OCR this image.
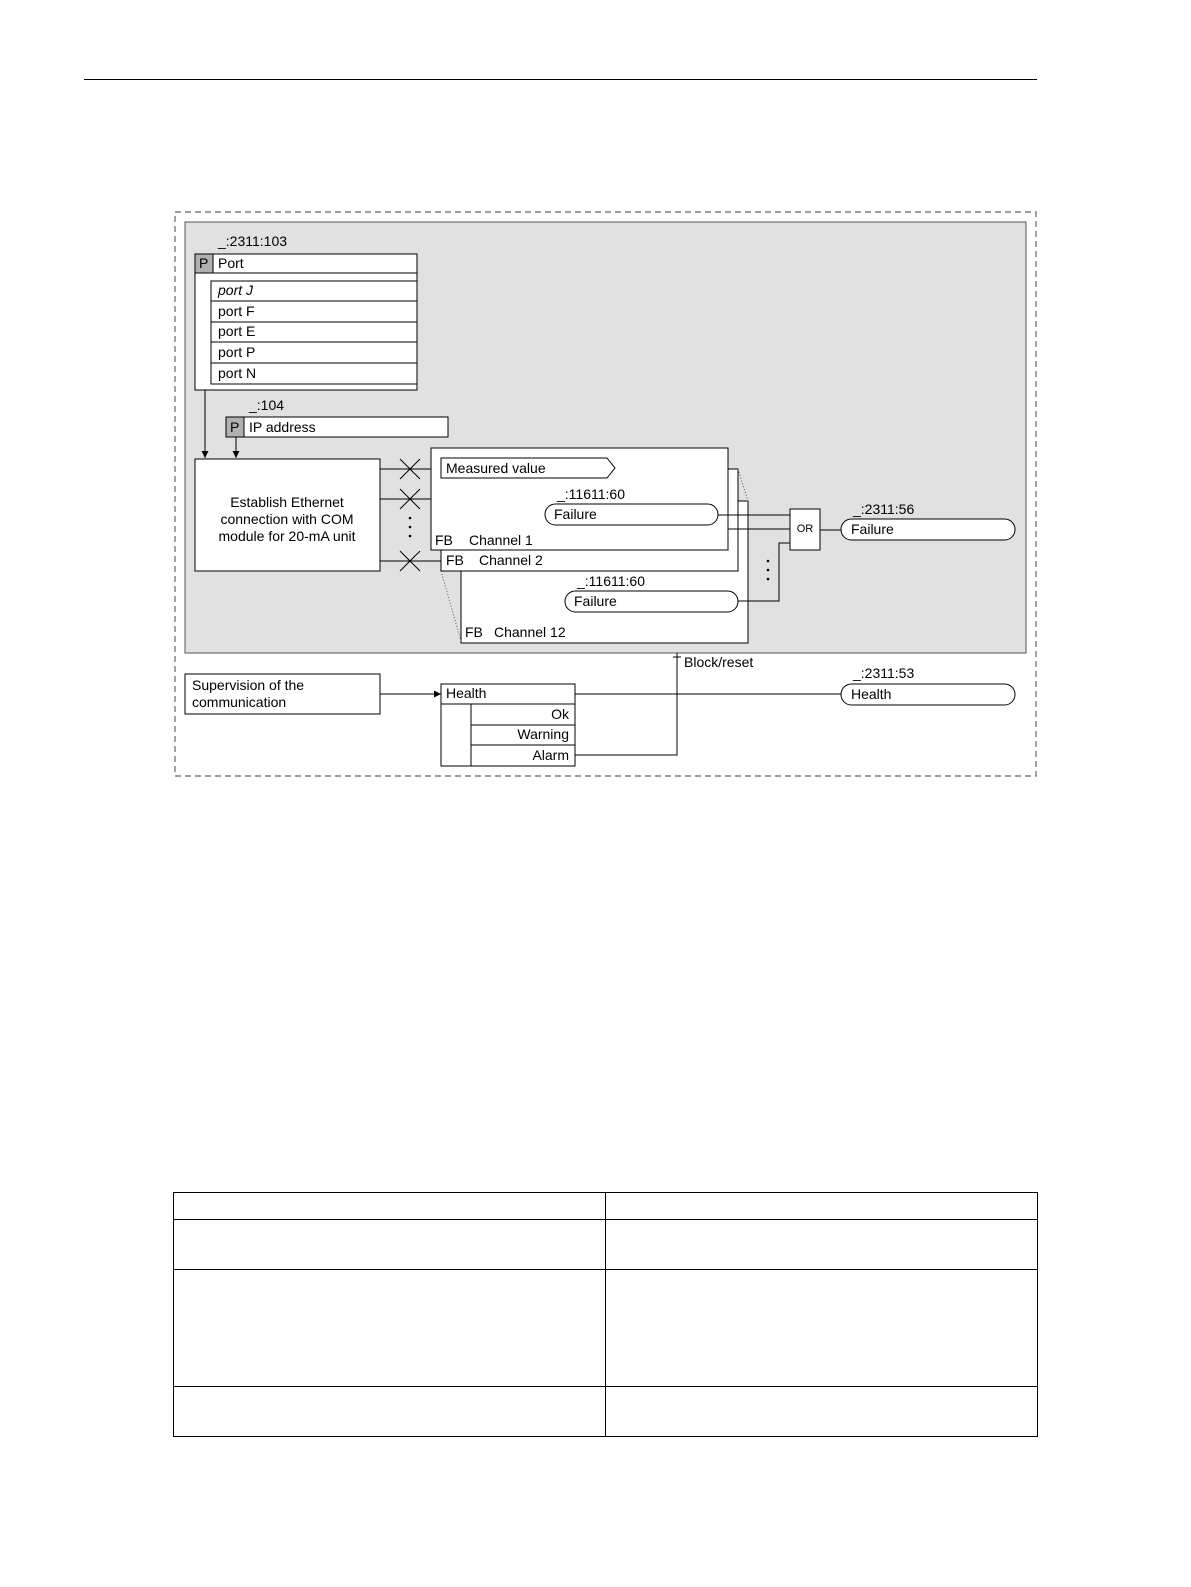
_:2311:103
P Port
port J
port F
port E
port P
port N
_:104
P IP address
Establish Ethernet
connection with COM
module for 20-mA unit
_:11611:60
Failure
FB Channel 12
FB Channel 2
Measured value
_:11611:60
Failure
FB Channel 1
OR
_:2311:56
Failure
Supervision of the
communication
Health
Ok
Warning
Alarm
Block/reset
_:2311:53
Health
